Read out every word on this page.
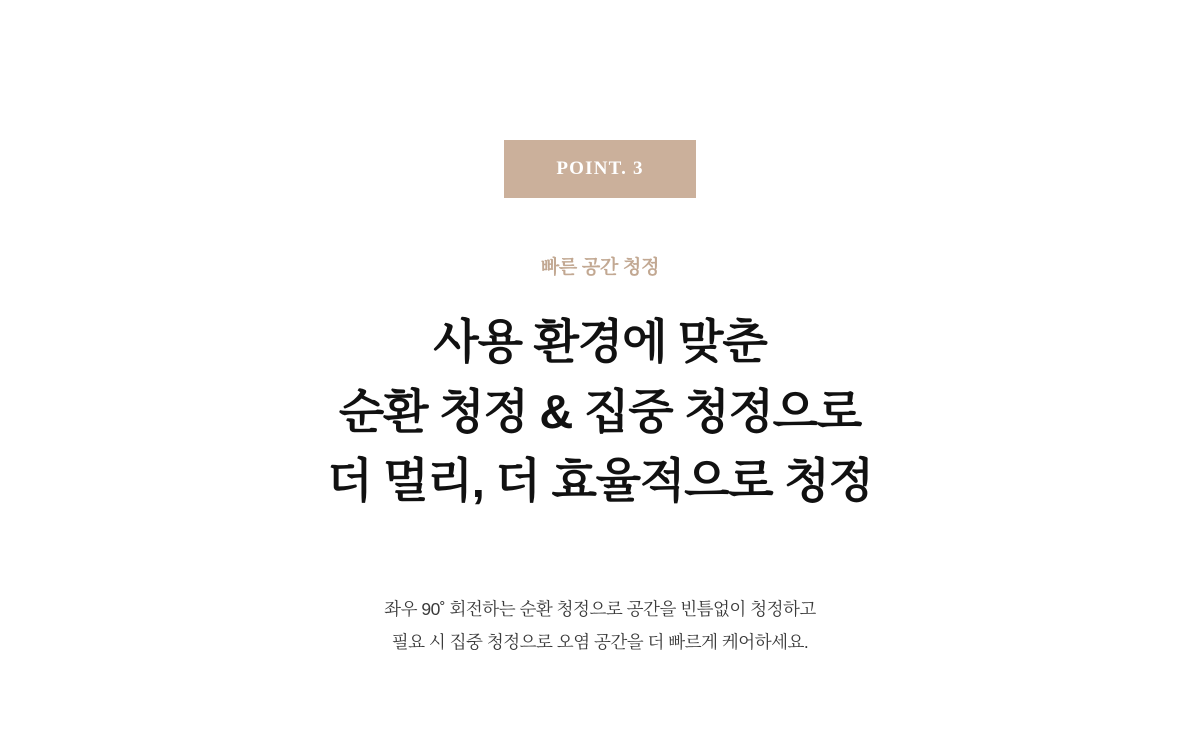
POINT. 3
빠른 공간 청정
사용 환경에 맞춘
순환 청정 & 집중 청정으로
더 멀리, 더 효율적으로 청정

좌우 90˚ 회전하는 순환 청정으로 공간을 빈틈없이 청정하고
필요 시 집중 청정으로 오염 공간을 더 빠르게 케어하세요.
